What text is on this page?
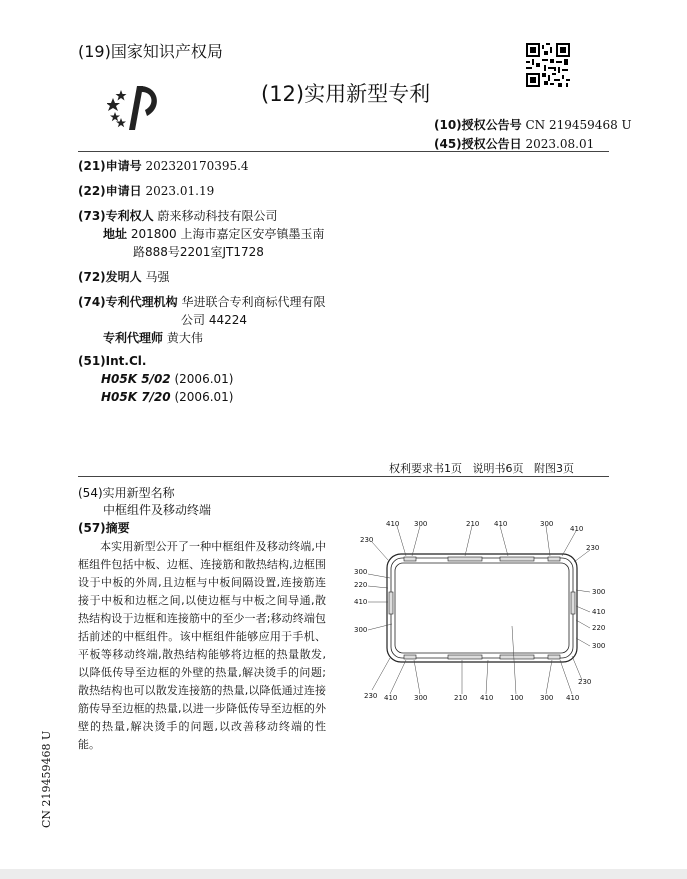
(19)国家知识产权局
(12)实用新型专利
(10)授权公告号 CN 219459468 U
(45)授权公告日 2023.08.01
(21)申请号 202320170395.4
(22)申请日 2023.01.19
(73)专利权人 蔚来移动科技有限公司
地址 201800 上海市嘉定区安亭镇墨玉南
路888号2201室JT1728
(72)发明人 马强
(74)专利代理机构 华进联合专利商标代理有限
公司 44224
专利代理师 黄大伟
(51)Int.Cl.
H05K 5/02 (2006.01)
H05K 7/20 (2006.01)
权利要求书1页   说明书6页   附图3页
(54)实用新型名称
中框组件及移动终端
(57)摘要
本实用新型公开了一种中框组件及移动终端,中框组件包括中板、边框、连接筋和散热结构,边框围设于中板的外周,且边框与中板间隔设置,连接筋连接于中板和边框之间,以使边框与中板之间导通,散热结构设于边框和连接筋中的至少一者;移动终端包括前述的中框组件。该中框组件能够应用于手机、平板等移动终端,散热结构能够将边框的热量散发,以降低传导至边框的外壁的热量,解决烫手的问题;散热结构也可以散发连接筋的热量,以降低通过连接筋传导至边框的热量,以进一步降低传导至边框的外壁的热量,解决烫手的问题,以改善移动终端的性能。
410 300	210 410	300
410
230
230
300
220
410
300
300
410
220
300
230 410 300	210 410 100 300 410
230
CN 219459468 U
